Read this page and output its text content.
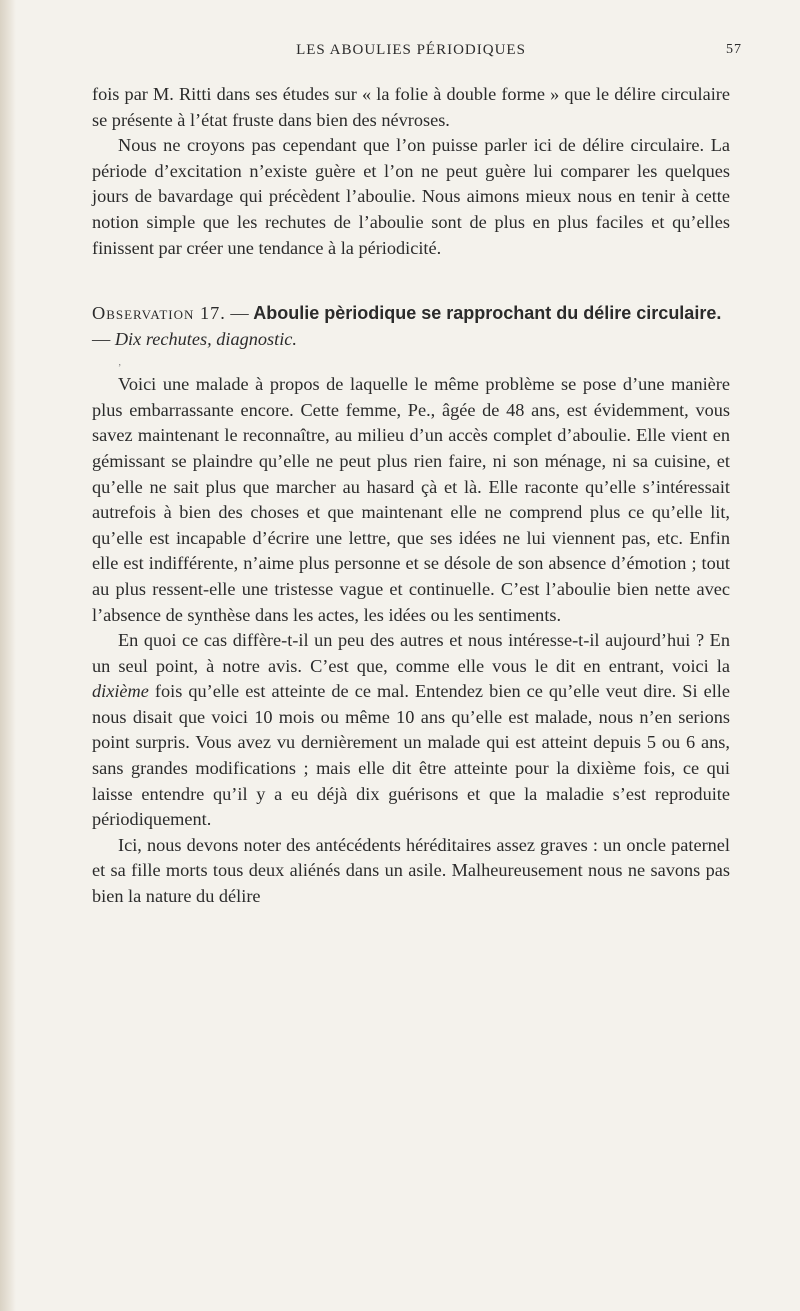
LES ABOULIES PÉRIODIQUES	57

fois par M. Ritti dans ses études sur « la folie à double forme » que le délire circulaire se présente à l’état fruste dans bien des névroses.

Nous ne croyons pas cependant que l’on puisse parler ici de délire circulaire. La période d’excitation n’existe guère et l’on ne peut guère lui comparer les quelques jours de bavardage qui précèdent l’aboulie. Nous aimons mieux nous en tenir à cette notion simple que les rechutes de l’aboulie sont de plus en plus faciles et qu’elles finissent par créer une tendance à la périodicité.

Observation 17. — Aboulie pèriodique se rapprochant du délire circulaire. — Dix rechutes, diagnostic.
‚

Voici une malade à propos de laquelle le même problème se pose d’une manière plus embarrassante encore. Cette femme, Pe., âgée de 48 ans, est évidemment, vous savez maintenant le reconnaître, au milieu d’un accès complet d’aboulie. Elle vient en gémissant se plaindre qu’elle ne peut plus rien faire, ni son ménage, ni sa cuisine, et qu’elle ne sait plus que marcher au hasard çà et là. Elle raconte qu’elle s’intéressait autrefois à bien des choses et que maintenant elle ne comprend plus ce qu’elle lit, qu’elle est incapable d’écrire une lettre, que ses idées ne lui viennent pas, etc. Enfin elle est indifférente, n’aime plus personne et se désole de son absence d’émotion ; tout au plus ressent-elle une tristesse vague et continuelle. C’est l’aboulie bien nette avec l’absence de synthèse dans les actes, les idées ou les sentiments.

En quoi ce cas diffère-t-il un peu des autres et nous intéresse-t-il aujourd’hui ? En un seul point, à notre avis. C’est que, comme elle vous le dit en entrant, voici la dixième fois qu’elle est atteinte de ce mal. Entendez bien ce qu’elle veut dire. Si elle nous disait que voici 10 mois ou même 10 ans qu’elle est malade, nous n’en serions point surpris. Vous avez vu dernièrement un malade qui est atteint depuis 5 ou 6 ans, sans grandes modifications ; mais elle dit être atteinte pour la dixième fois, ce qui laisse entendre qu’il y a eu déjà dix guérisons et que la maladie s’est reproduite périodiquement.

Ici, nous devons noter des antécédents héréditaires assez graves : un oncle paternel et sa fille morts tous deux aliénés dans un asile. Malheureusement nous ne savons pas bien la nature du délire
